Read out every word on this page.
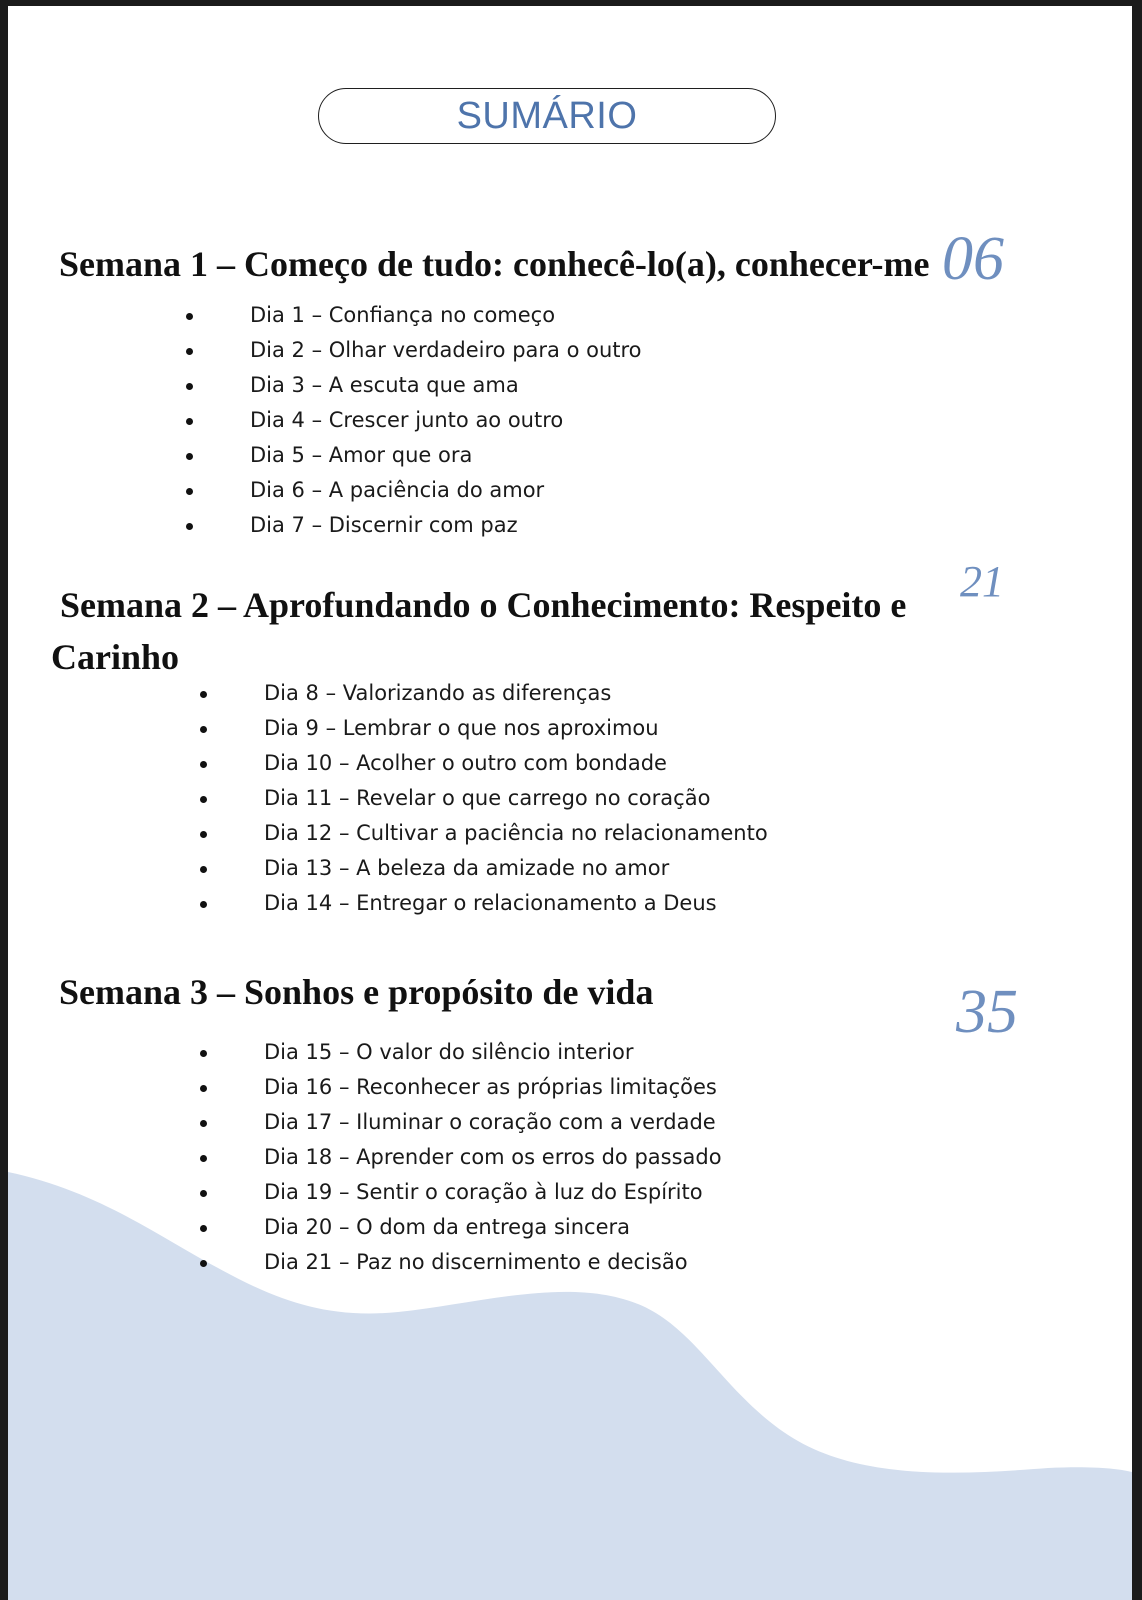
SUMÁRIO
Semana 1 – Começo de tudo: conhecê-lo(a), conhecer-me 06
Dia 1 – Confiança no começo
Dia 2 – Olhar verdadeiro para o outro
Dia 3 – A escuta que ama
Dia 4 – Crescer junto ao outro
Dia 5 – Amor que ora
Dia 6 – A paciência do amor
Dia 7 – Discernir com paz
Semana 2 – Aprofundando o Conhecimento: Respeito e
Carinho
21
Dia 8 – Valorizando as diferenças
Dia 9 – Lembrar o que nos aproximou
Dia 10 – Acolher o outro com bondade
Dia 11 – Revelar o que carrego no coração
Dia 12 – Cultivar a paciência no relacionamento
Dia 13 – A beleza da amizade no amor
Dia 14 – Entregar o relacionamento a Deus
Semana 3 – Sonhos e propósito de vida	35
Dia 15 – O valor do silêncio interior
Dia 16 – Reconhecer as próprias limitações
Dia 17 – Iluminar o coração com a verdade
Dia 18 – Aprender com os erros do passado
Dia 19 – Sentir o coração à luz do Espírito
Dia 20 – O dom da entrega sincera
Dia 21 – Paz no discernimento e decisão
